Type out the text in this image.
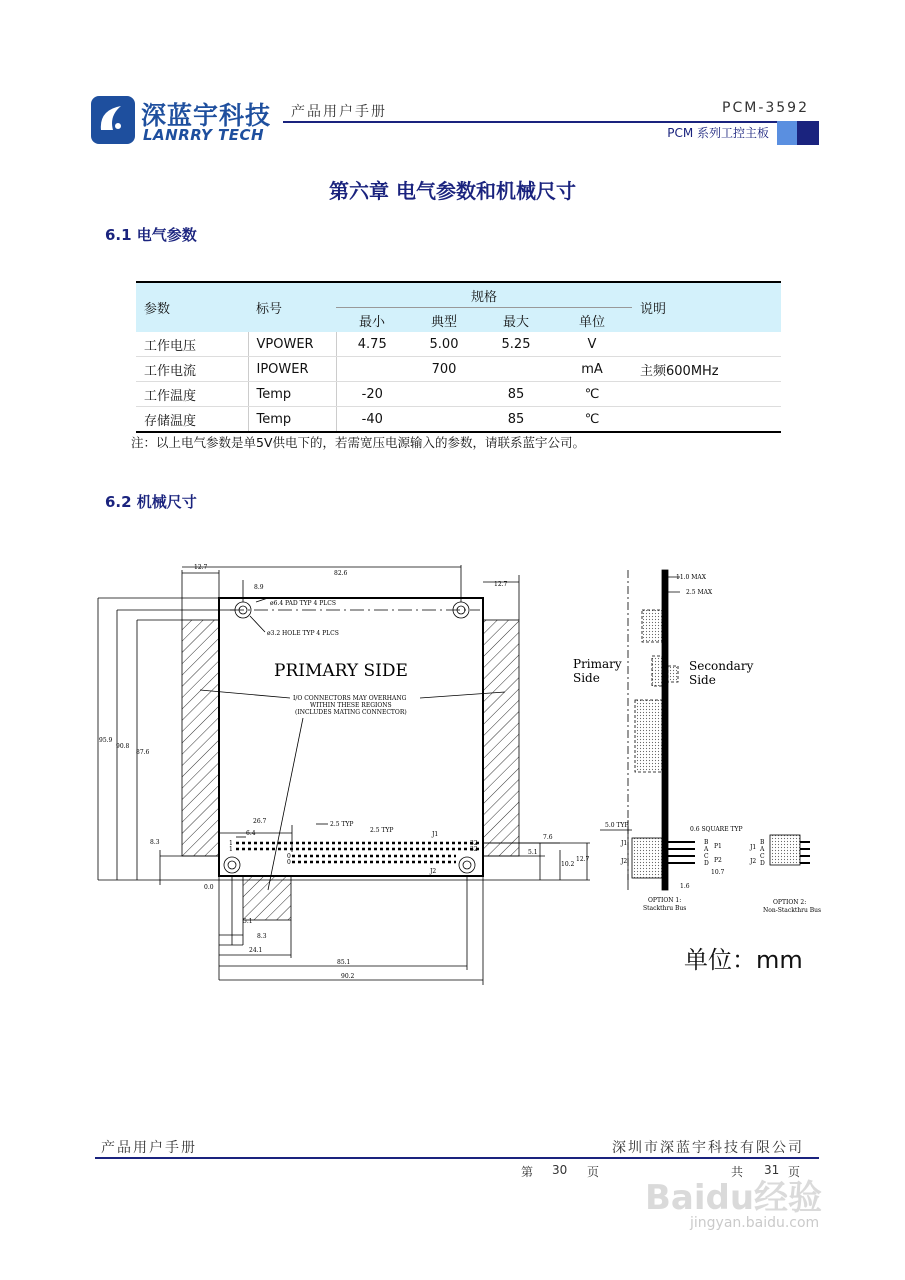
深蓝宇科技
LANRRY TECH
产品用户手册	PCM-3592
PCM 系列工控主板
第六章 电气参数和机械尺寸
6.1 电气参数
参数	标号	规格				说明
		最小	典型	最大	单位	
工作电压	VPOWER	4.75	5.00	5.25	V	
工作电流	IPOWER		700		mA	主频600MHz
工作温度	Temp	-20		85	℃	
存储温度	Temp	-40		85	℃	
注：以上电气参数是单5V供电下的，若需宽压电源输入的参数，请联系蓝宇公司。
6.2 机械尺寸
PRIMARY SIDE
I/O CONNECTORS MAY OVERHANG
WITHIN THESE REGIONS
(INCLUDES MATING CONNECTOR)
ø6.4 PAD TYP 4 PLCS
ø3.2 HOLE TYP 4 PLCS
12.7
82.6
12.7
8.9
95.9
90.8
87.6
8.3
0.0
26.7
6.4
2.5 TYP
2.5 TYP
J1
J2
1
1
0
0
32
32
7.6
5.1
10.2
12.7
5.1
8.3
24.1
85.1
90.2
Primary
Side
Secondary
Side
11.0 MAX
2.5 MAX
5.0 TYP
0.6 SQUARE TYP
J1
J2
B
A
C
D
P1
P2
10.7
1.6
OPTION 1:
Stackthru Bus
OPTION 2:
Non-Stackthru Bus
J1
J2
B
A
C
D
单位：mm
产品用户手册	深圳市深蓝宇科技有限公司
第 30 页	共 31 页
Baidu经验
jingyan.baidu.com
